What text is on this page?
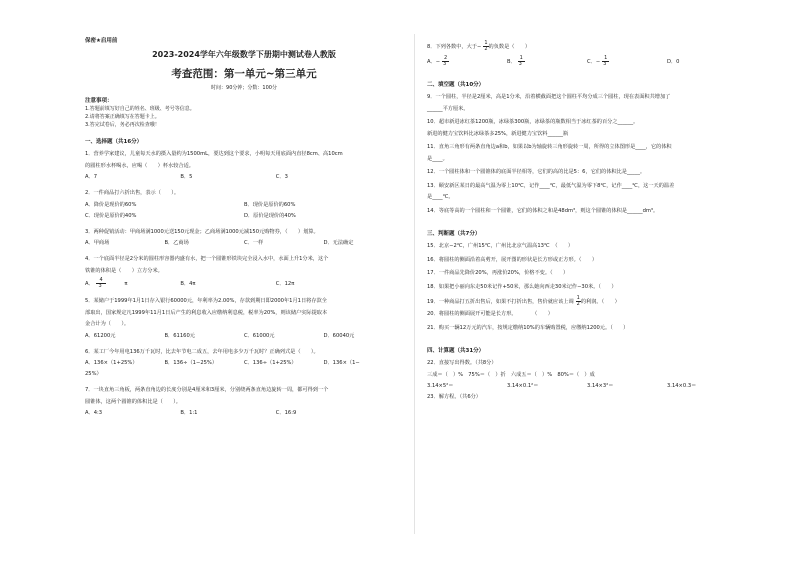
保密★启用前
2023-2024学年六年级数学下册期中测试卷人教版
考查范围：第一单元~第三单元
时间：90分钟；分数：100分
注意事项：
1.答题前填写好自己的姓名、班级、考号等信息。
2.请将答案正确填写在答题卡上。
3.答完试卷后，务必再次检查哦！
一、选择题（共16分）
1．营养学家建议，儿童每天水的摄入量约为1500mL，要达到这个要求，小明每天用底面内直径8cm、高10cm
的圆柱形水杯喝水，应喝（　　）杯水较合适。
A．7	B．5	C．3
2．一件商品打六折出售，表示（　　）。
A．降价是现价的60%	B．现价是原价的60%
C．现价是原价的40%	D．原价是现价的40%
3．两种促销活动：甲商场满1000元送150元现金；乙商场满1000元减150元购物券，（　　）划算。
A．甲商场	B．乙商场	C．一样	D．无法确定
4．一个底面半径是2分米的圆柱形容器内盛有水，把一个圆锥形铁块完全浸入水中，水面上升1分米，这个
铁锥的体积是（　　）立方分米。
A． $\frac{4}{3}$ π	B．4π	C．12π
5．某储户于1999年1月1日存入银行60000元，年利率为2.00%，存款到期日即2000年1月1日将存款全
部取出，国家规定凡1999年11月1日后产生的利息收入应缴纳利息税，税率为20%，则该储户实际提取本
金合计为（　　）。
A．61200元	B．61160元	C．61000元	D．60040元
6．某工厂今年用电136万千瓦时，比去年节电二成五，去年用电多少万千瓦时？正确列式是（　　）。
A．136×（1+25%）	B．136÷（1−25%）	C．136÷（1+25%）	D．136×（1−
25%）
7．一块直角三角板，两条直角边的长度分别是4厘米和3厘米，分别绕两条直角边旋转一周，都可得到一个
圆锥体，这两个圆锥的体积比是（　　）。
A．4:3	B．1:1	C．16:9
8．下列各数中，大于− $\frac{1}{2}$ 的负数是（　　）
A．− $\frac{2}{3}$	B． $\frac{1}{3}$	C．− $\frac{1}{3}$	D．0
二、填空题（共10分）
9．一个圆柱，半径是2厘米，高是1分米，沿着横截面把这个圆柱平均分成三个圆柱，现在表面积共增加了
______平方厘米。
10．超市新进冰红茶1200瓶，冰绿茶300瓶，冰绿茶的瓶数相当于冰红茶的百分之______。
新进的健力宝饮料比冰绿茶多25%，新进健力宝饮料______瓶
11．直角三角形有两条直角边a和b，如果以b为轴旋转三角形旋转一周，所得的立体图形是____，它的体积
是____。
12．一个圆柱体和一个圆锥体的底面半径相等，它们的高的比是5：6，它们的体积比是_____。
13．颐安新区某日的最高气温为零上10℃，记作____℃，最低气温为零下8℃，记作____℃，这一天的温差
是____℃。
14．等底等高的一个圆柱和一个圆锥，它们的体积之和是48dm³，则这个圆锥的体积是______dm³。
三、判断题（共7分）
15．北京−2℃，广州15℃，广州比北京气温高13℃　（　　）
16．将圆柱的侧面沿着高剪开，展开图的形状是长方形或正方形。（　　）
17．一件商品先降价20%，再涨价20%，价格不变。（　　）
18．如果把小丽向东走50米记作+50米，那么她向西走30米记作−30米。（　　）
19．一种商品打五折出售后，如果不打折出售，售价就应该上调 $\frac{1}{2}$ 的利润。（　　）
20．将圆柱的侧面展开可能是长方形。　　　　（　　）
21．购买一辆12万元的汽车，按规定缴纳10%的车辆购置税，应缴纳1200元。（　　）
四、计算题（共31分）
22．直接写出得数。（共8分）
三成＝（　）%　75%＝（　）折　六成五＝（　）%　80%＝（　）成
3.14×5²＝	3.14×0.1²＝	3.14×3²＝	3.14×0.3＝
23．解方程。（共6分）
